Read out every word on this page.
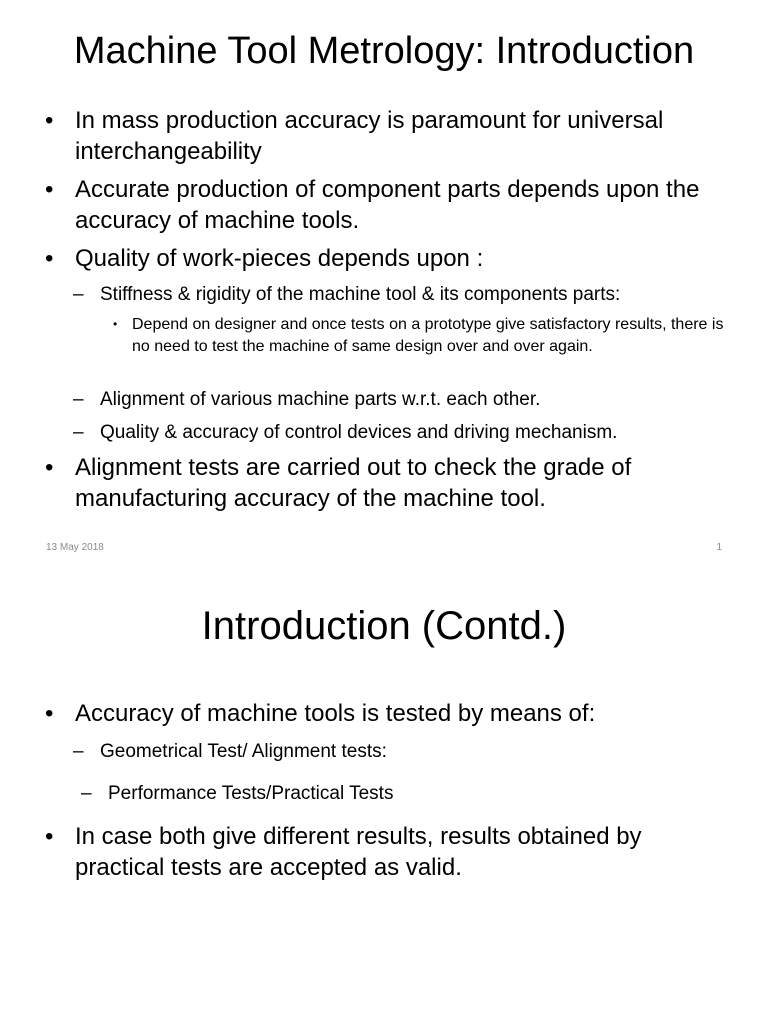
Machine Tool Metrology: Introduction
• In mass production accuracy is paramount for universal interchangeability
• Accurate production of component parts depends upon the accuracy of machine tools.
• Quality of work-pieces depends upon :
– Stiffness & rigidity of the machine tool & its components parts:
• Depend on designer and once tests on a prototype give satisfactory results, there is no need to test the machine of same design over and over again.
– Alignment of various machine parts w.r.t. each other.
– Quality & accuracy of control devices and driving mechanism.
• Alignment tests are carried out to check the grade of manufacturing accuracy of the machine tool.
13 May 2018	1
Introduction (Contd.)
• Accuracy of machine tools is tested by means of:
– Geometrical Test/ Alignment tests:
– Performance Tests/Practical Tests
• In case both give different results, results obtained by practical tests are accepted as valid.
